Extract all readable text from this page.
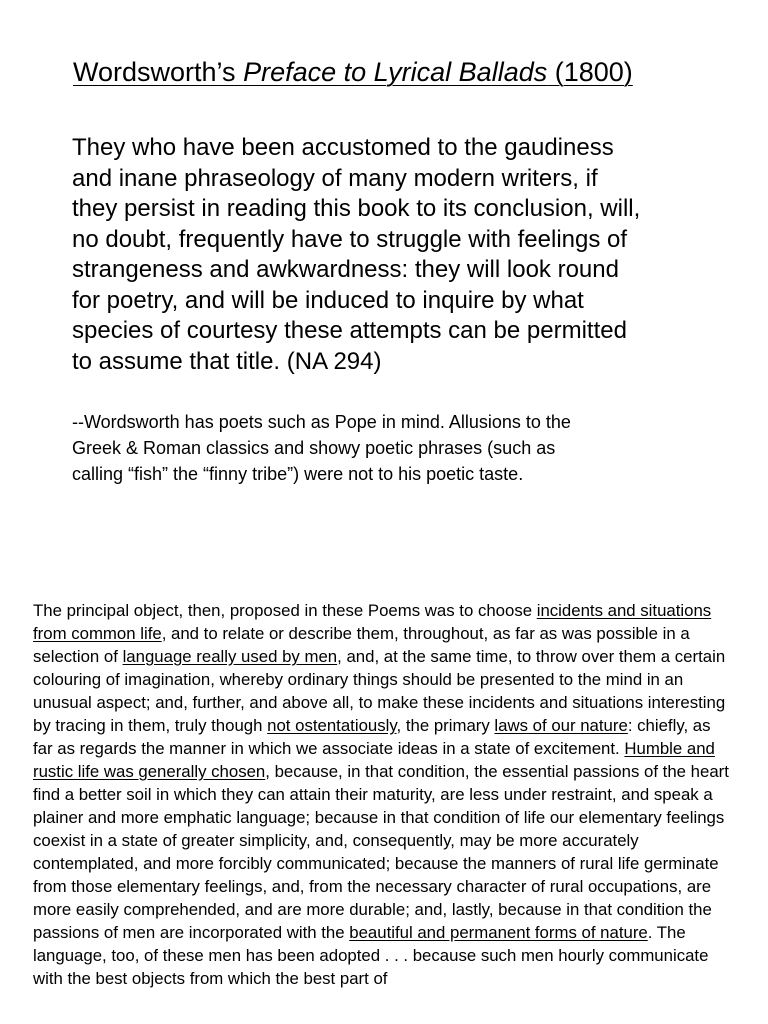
Wordsworth’s Preface to Lyrical Ballads (1800)

They who have been accustomed to the gaudiness
and inane phraseology of many modern writers, if
they persist in reading this book to its conclusion, will,
no doubt, frequently have to struggle with feelings of
strangeness and awkwardness: they will look round
for poetry, and will be induced to inquire by what
species of courtesy these attempts can be permitted
to assume that title. (NA 294)

--Wordsworth has poets such as Pope in mind. Allusions to the
Greek & Roman classics and showy poetic phrases (such as
calling “fish” the “finny tribe”) were not to his poetic taste.

The principal object, then, proposed in these Poems was to choose incidents and situations from common life, and to relate or describe them, throughout, as far as was possible in a selection of language really used by men, and, at the same time, to throw over them a certain colouring of imagination, whereby ordinary things should be presented to the mind in an unusual aspect; and, further, and above all, to make these incidents and situations interesting by tracing in them, truly though not ostentatiously, the primary laws of our nature: chiefly, as far as regards the manner in which we associate ideas in a state of excitement. Humble and rustic life was generally chosen, because, in that condition, the essential passions of the heart find a better soil in which they can attain their maturity, are less under restraint, and speak a plainer and more emphatic language; because in that condition of life our elementary feelings coexist in a state of greater simplicity, and, consequently, may be more accurately contemplated, and more forcibly communicated; because the manners of rural life germinate from those elementary feelings, and, from the necessary character of rural occupations, are more easily comprehended, and are more durable; and, lastly, because in that condition the passions of men are incorporated with the beautiful and permanent forms of nature. The language, too, of these men has been adopted . . . because such men hourly communicate with the best objects from which the best part of
